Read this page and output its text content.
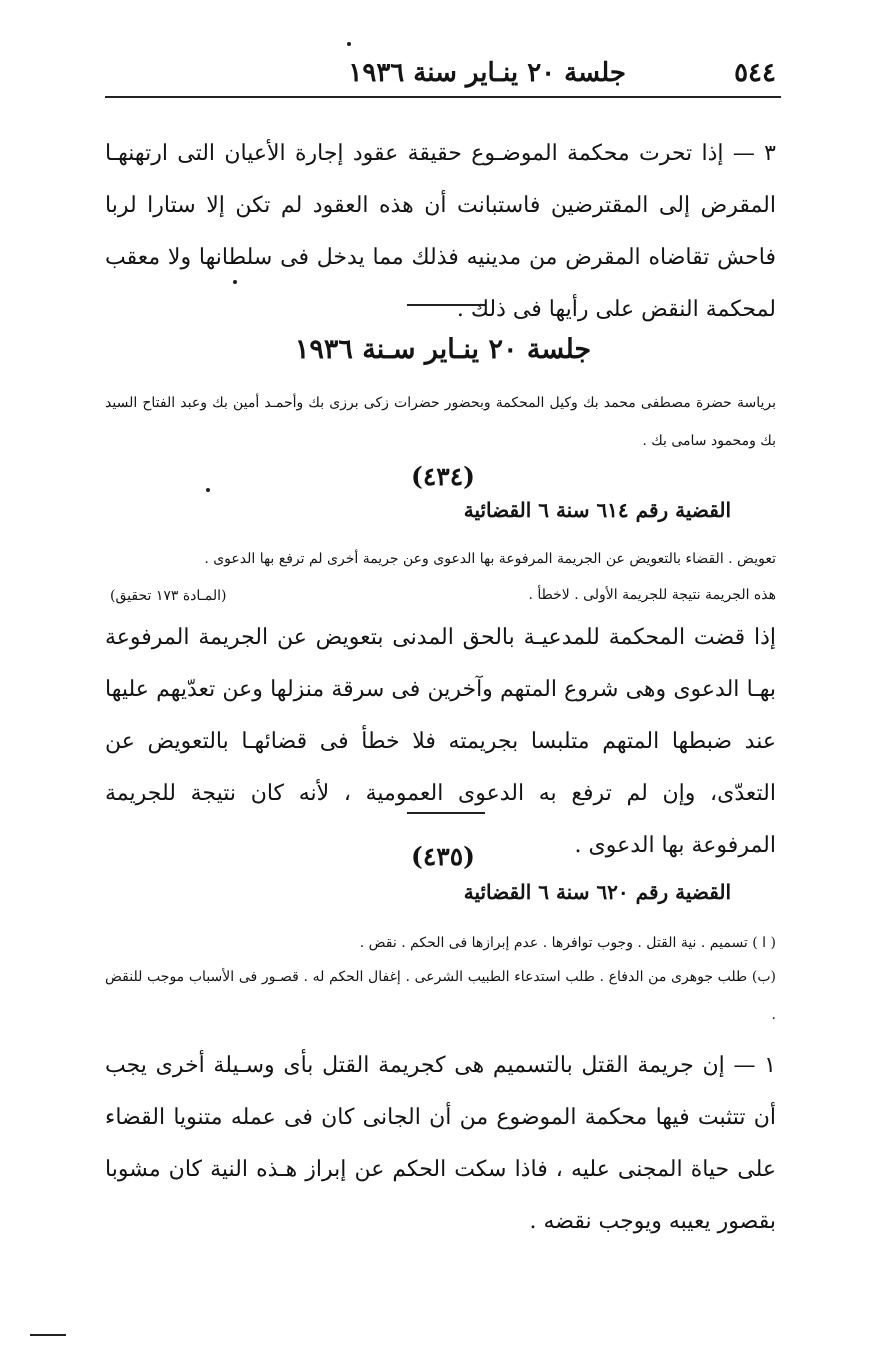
٥٤٤
جلسة ٢٠ ينـاير سنة ١٩٣٦
٣ — إذا تحرت محكمة الموضـوع حقيقة عقود إجارة الأعيان التى ارتهنهـا المقرض إلى المقترضين فاستبانت أن هذه العقود لم تكن إلا ستارا لربا فاحش تقاضاه المقرض من مدينيه فذلك مما يدخل فى سلطانها ولا معقب لمحكمة النقض على رأيها فى ذلك .
جلسة ٢٠ ينـاير سـنة ١٩٣٦
برياسة حضرة مصطفى محمد بك وكيل المحكمة وبحضور حضرات زكى برزى بك وأحمـد أمين بك وعبد الفتاح السيد بك ومحمود سامى بك .
(٤٣٤)
القضية رقم ٦١٤ سنة ٦ القضائية
تعويض . القضاء بالتعويض عن الجريمة المرفوعة بها الدعوى وعن جريمة أخرى لم ترفع بها الدعوى .
هذه الجريمة نتيجة للجريمة الأولى . لاخطأ .
(المـادة ١٧٣ تحقيق)
إذا قضت المحكمة للمدعيـة بالحق المدنى بتعويض عن الجريمة المرفوعة بهـا الدعوى وهى شروع المتهم وآخرين فى سرقة منزلها وعن تعدّيهم عليها عند ضبطها المتهم متلبسا بجريمته فلا خطأ فى قضائهـا بالتعويض عن التعدّى، وإن لم ترفع به الدعوى العمومية ، لأنه كان نتيجة للجريمة المرفوعة بها الدعوى .
(٤٣٥)
القضية رقم ٦٢٠ سنة ٦ القضائية
( ا ) تسميم . نية القتل . وجوب توافرها . عدم إبرازها فى الحكم . نقض .
(ب) طلب جوهرى من الدفاع . طلب استدعاء الطبيب الشرعى . إغفال الحكم له . قصـور فى الأسباب موجب للنقض .
١ — إن جريمة القتل بالتسميم هى كجريمة القتل بأى وسـيلة أخرى يجب أن تتثبت فيها محكمة الموضوع من أن الجانى كان فى عمله متنويا القضاء على حياة المجنى عليه ، فاذا سكت الحكم عن إبراز هـذه النية كان مشوبا بقصور يعيبه ويوجب نقضه .
